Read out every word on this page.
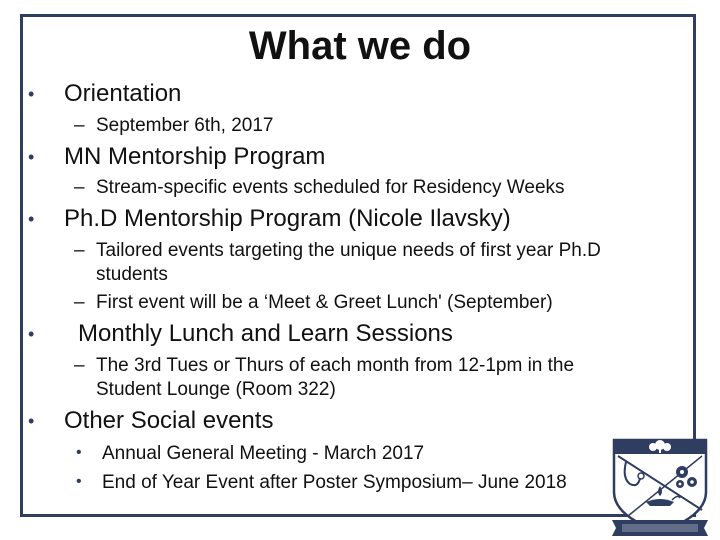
What we do
• Orientation
– September 6th, 2017
• MN Mentorship Program
– Stream-specific events scheduled for Residency Weeks
• Ph.D Mentorship Program (Nicole Ilavsky)
– Tailored events targeting the unique needs of first year Ph.D
students
– First event will be a ‘Meet & Greet Lunch' (September)
• Monthly Lunch and Learn Sessions
– The 3rd Tues or Thurs of each month from 12-1pm in the
Student Lounge (Room 322)
• Other Social events
• Annual General Meeting - March 2017
• End of Year Event after Poster Symposium– June 2018
